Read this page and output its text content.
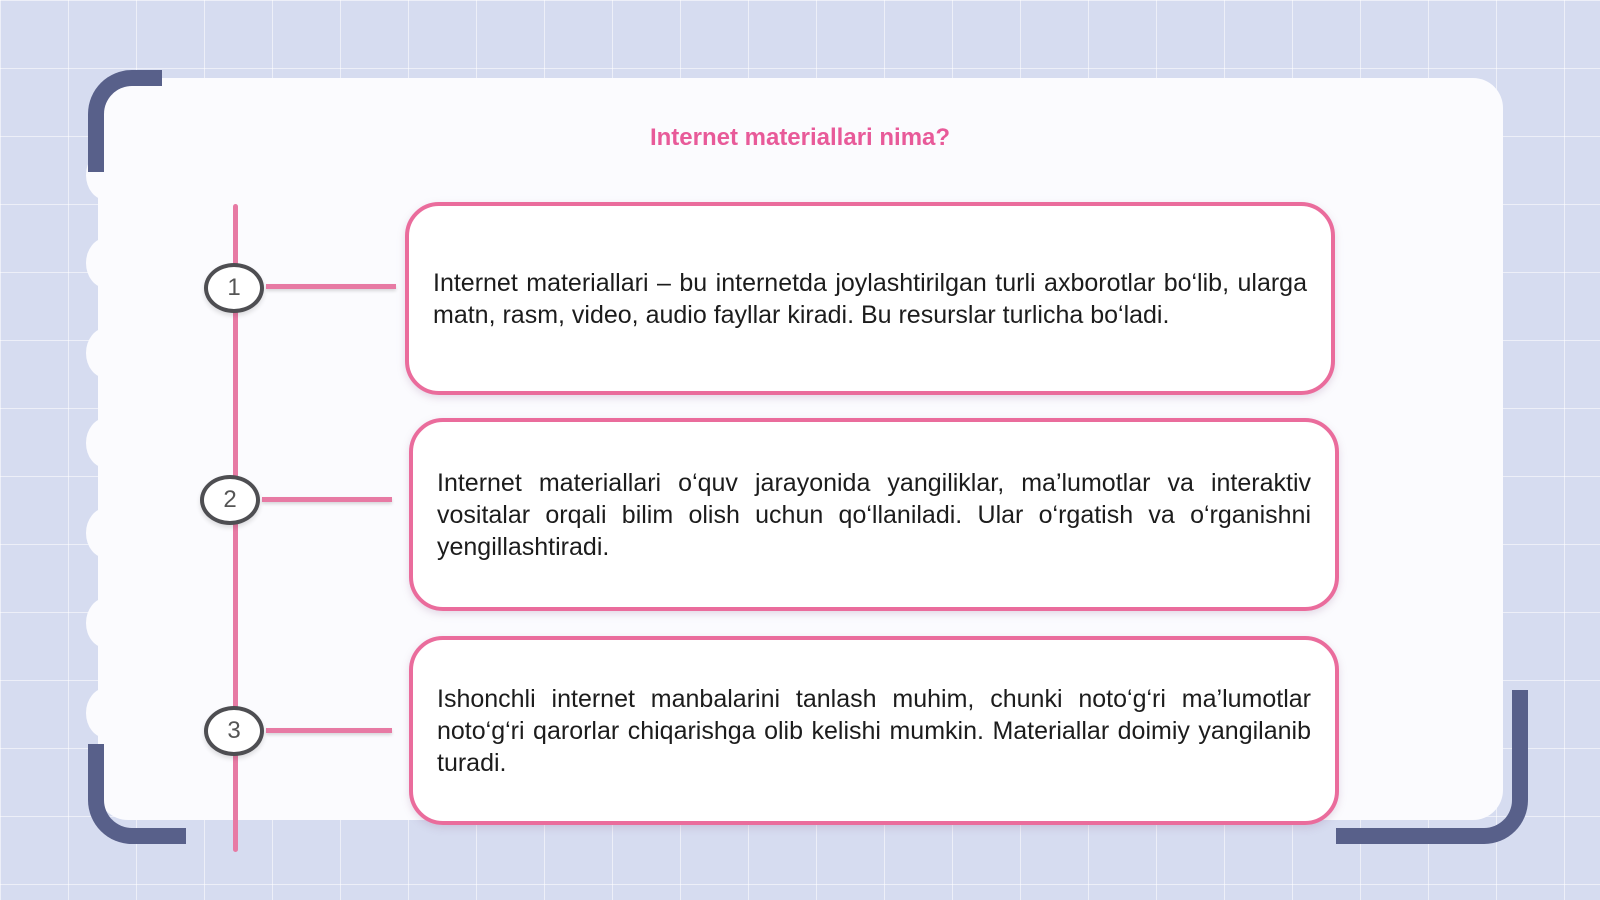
Internet materiallari nima?
1
2
3
Internet materiallari – bu internetda joylashtirilgan turli axborotlar bo‘lib, ularga matn, rasm, video, audio fayllar kiradi. Bu resurslar turlicha bo‘ladi.
Internet materiallari o‘quv jarayonida yangiliklar, ma’lumotlar va interaktiv vositalar orqali bilim olish uchun qo‘llaniladi. Ular o‘rgatish va o‘rganishni yengillashtiradi.
Ishonchli internet manbalarini tanlash muhim, chunki noto‘g‘ri ma’lumotlar noto‘g‘ri qarorlar chiqarishga olib kelishi mumkin. Materiallar doimiy yangilanib turadi.
